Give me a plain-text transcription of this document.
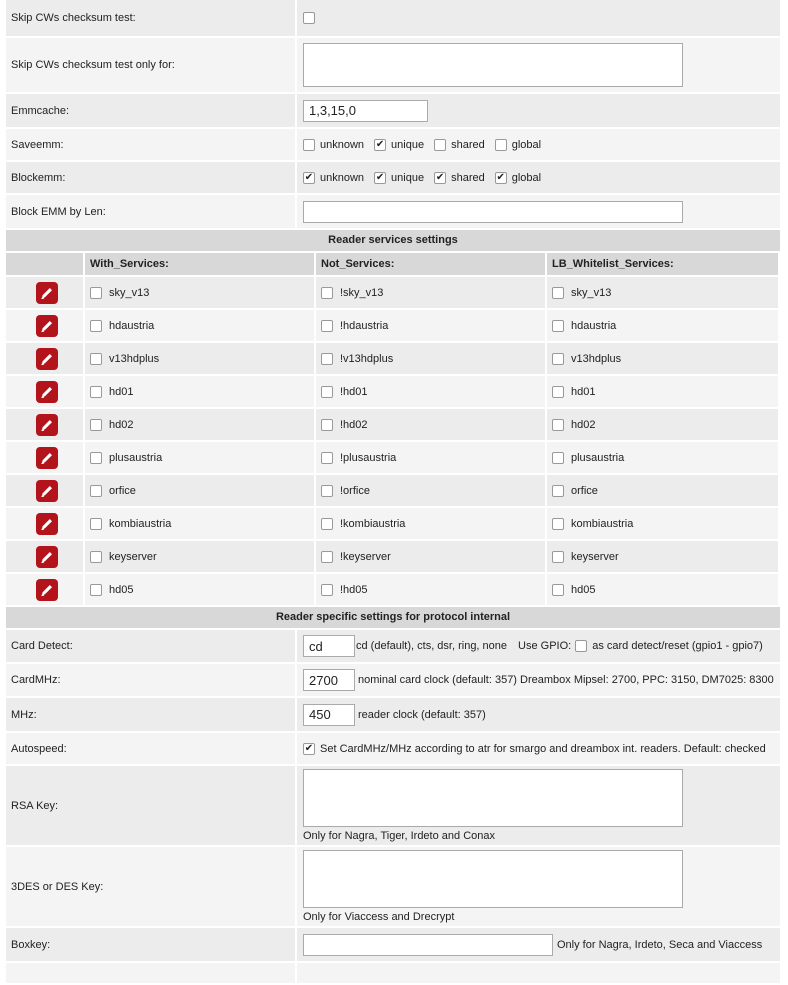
Skip CWs checksum test:
Skip CWs checksum test only for:
Emmcache:	1,3,15,0
Saveemm:	unknown ✔ unique shared global
Blockemm: ✔	unknown ✔ unique ✔ shared ✔ global
Block EMM by Len:
Reader services settings
With_Services:	Not_Services:	LB_Whitelist_Services:
sky_v13	!sky_v13	sky_v13
hdaustria	!hdaustria	hdaustria
v13hdplus	!v13hdplus	v13hdplus
hd01	!hd01	hd01
hd02	!hd02	hd02
plusaustria	!plusaustria	plusaustria
orfice	!orfice	orfice
kombiaustria	!kombiaustria	kombiaustria
keyserver	!keyserver	keyserver
hd05	!hd05	hd05
Reader specific settings for protocol internal
Card Detect:	cd	cd (default), cts, dsr, ring, none Use GPIO: as card detect/reset (gpio1 - gpio7)
CardMHz:	2700	nominal card clock (default: 357) Dreambox Mipsel: 2700, PPC: 3150, DM7025: 8300
MHz:	450	reader clock (default: 357)
Autospeed: ✔	Set CardMHz/MHz according to atr for smargo and dreambox int. readers. Default: checked
RSA Key:
Only for Nagra, Tiger, Irdeto and Conax
3DES or DES Key:
Only for Viaccess and Drecrypt
Boxkey:	Only for Nagra, Irdeto, Seca and Viaccess
